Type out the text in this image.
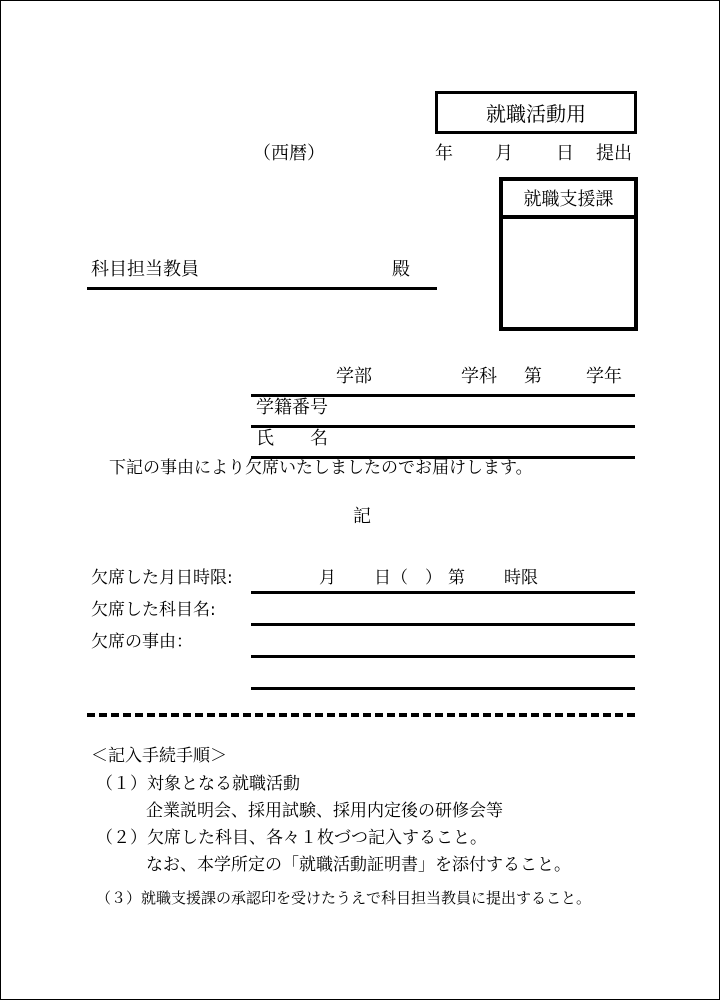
就職活動用
（西暦）	年 月 日 提出
就職支援課
科目担当教員	殿
学部	学科 第 学年
学籍番号
氏　　名
下記の事由により欠席いたしましたのでお届けします。
記
欠席した月日時限:	月 日（　） 第 時限
欠席した科目名:
欠席の事由：
＜記入手続手順＞
（１）対象となる就職活動
企業説明会、採用試験、採用内定後の研修会等
（２）欠席した科目、各々１枚づつ記入すること。
なお、本学所定の「就職活動証明書」を添付すること。
（３）就職支援課の承認印を受けたうえで科目担当教員に提出すること。
